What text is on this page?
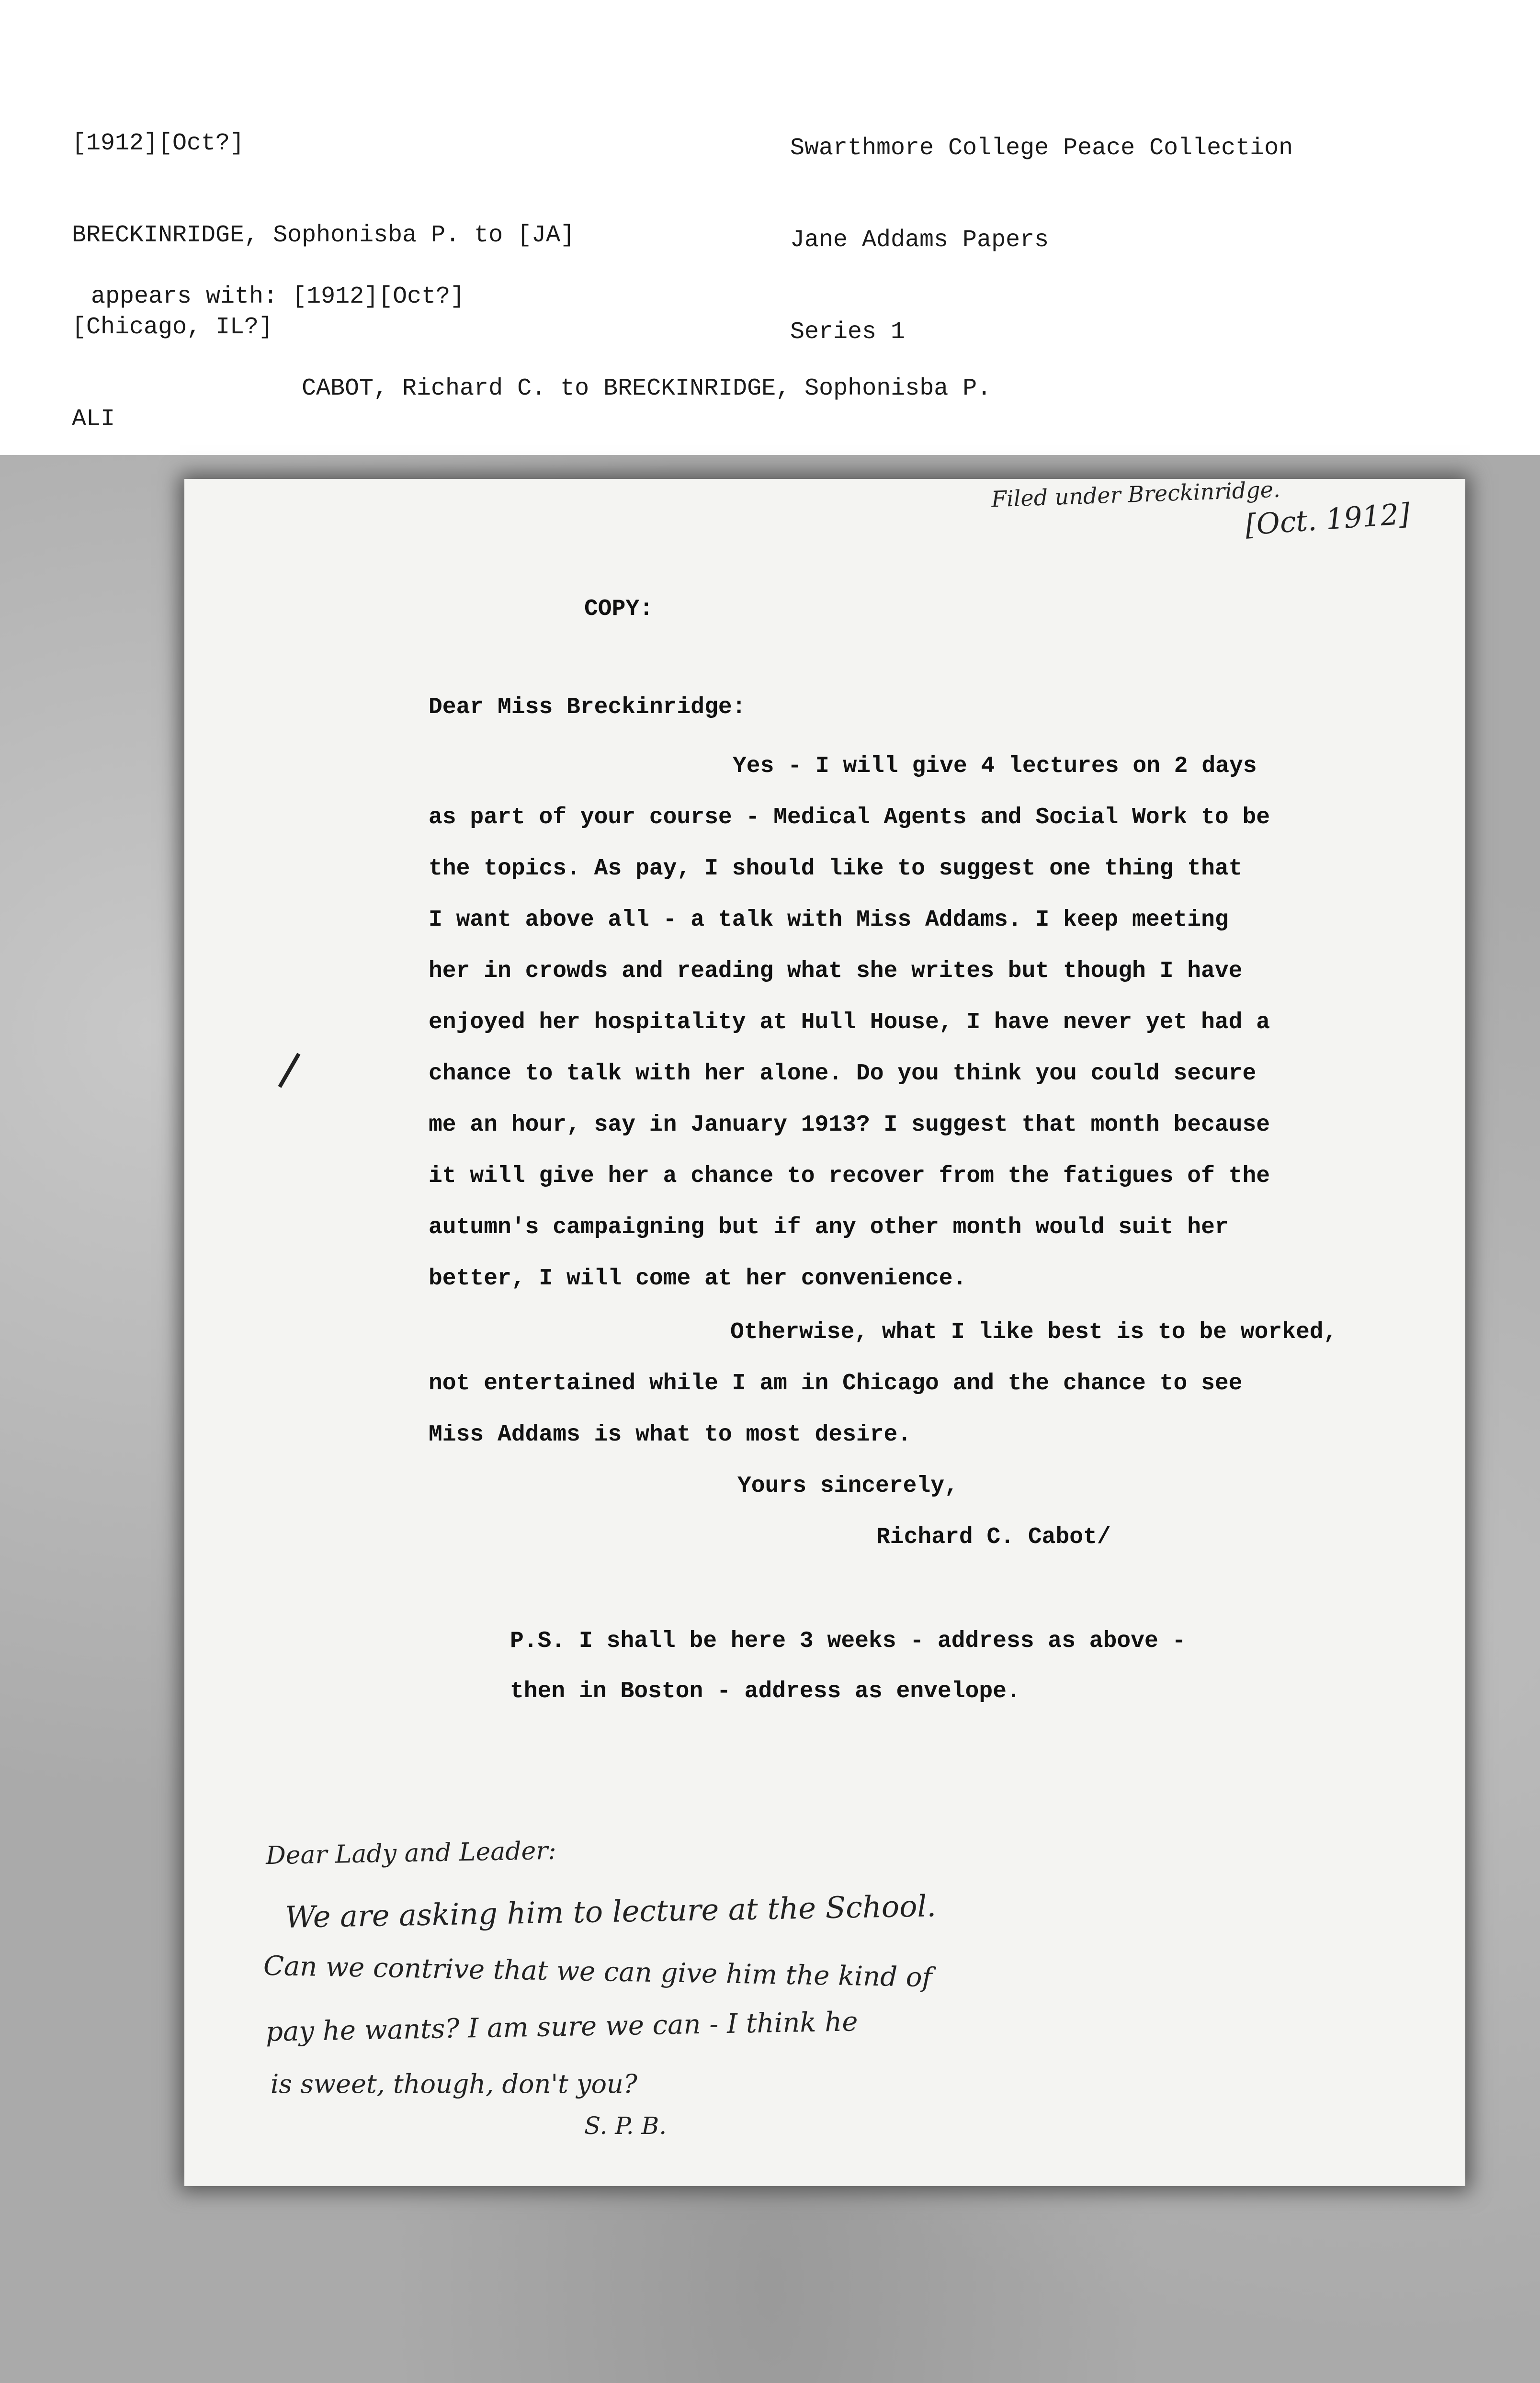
[1912][Oct?]

BRECKINRIDGE, Sophonisba P. to [JA]

[Chicago, IL?]

ALI

Swarthmore College Peace Collection

Jane Addams Papers

Series 1

appears with: [1912][Oct?]

CABOT, Richard C. to BRECKINRIDGE, Sophonisba P.

Filed under Breckinridge.
[Oct. 1912]
COPY:
Dear Miss Breckinridge:
Yes - I will give 4 lectures on 2 days
as part of your course - Medical Agents and Social Work to be
the topics. As pay, I should like to suggest one thing that
I want above all - a talk with Miss Addams. I keep meeting
her in crowds and reading what she writes but though I have
enjoyed her hospitality at Hull House, I have never yet had a
chance to talk with her alone. Do you think you could secure
me an hour, say in January 1913? I suggest that month because
it will give her a chance to recover from the fatigues of the
autumn's campaigning but if any other month would suit her
better, I will come at her convenience.
Otherwise, what I like best is to be worked,
not entertained while I am in Chicago and the chance to see
Miss Addams is what to most desire.
Yours sincerely,
Richard C. Cabot/
P.S. I shall be here 3 weeks - address as above -
then in Boston - address as envelope.
Dear Lady and Leader:
We are asking him to lecture at the School.
Can we contrive that we can give him the kind of
pay he wants? I am sure we can - I think he
is sweet, though, don't you?
S. P. B.
